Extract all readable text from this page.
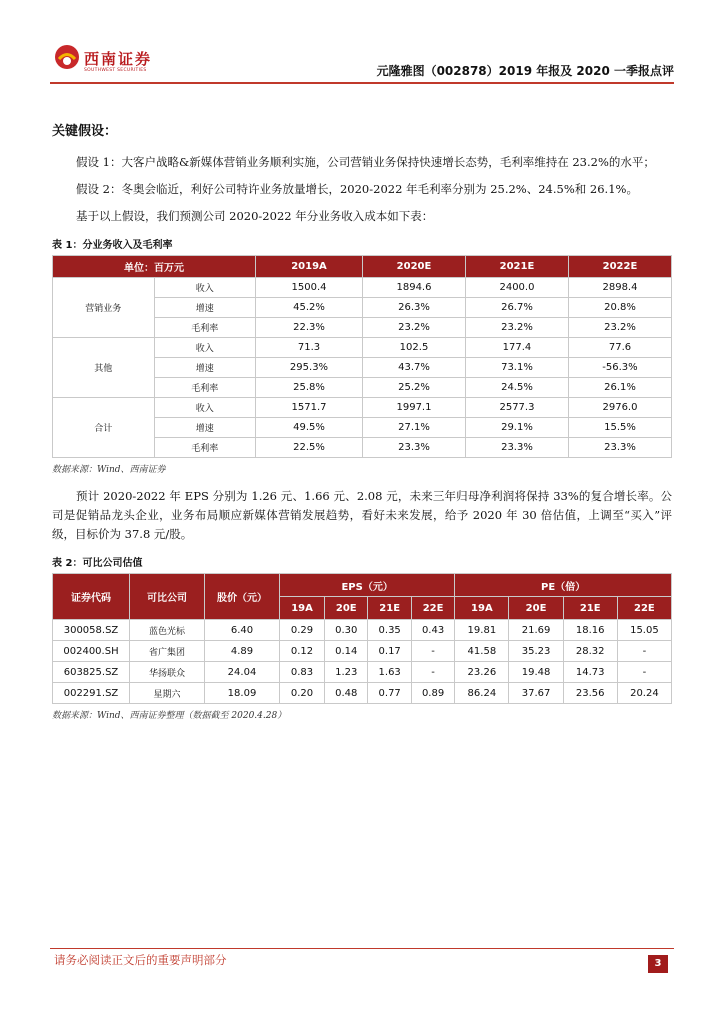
西南证券
SOUTHWEST SECURITIES	元隆雅图（002878）2019 年报及 2020 一季报点评

关键假设：

假设 1：大客户战略&新媒体营销业务顺利实施，公司营销业务保持快速增长态势，毛利率维持在 23.2%的水平；

假设 2：冬奥会临近，利好公司特许业务放量增长，2020-2022 年毛利率分别为 25.2%、24.5%和 26.1%。

基于以上假设，我们预测公司 2020-2022 年分业务收入成本如下表：

表 1：分业务收入及毛利率
单位：百万元		2019A	2020E	2021E	2022E
营销业务	收入	1500.4	1894.6	2400.0	2898.4
	增速	45.2%	26.3%	26.7%	20.8%
	毛利率	22.3%	23.2%	23.2%	23.2%
其他	收入	71.3	102.5	177.4	77.6
	增速	295.3%	43.7%	73.1%	-56.3%
	毛利率	25.8%	25.2%	24.5%	26.1%
合计	收入	1571.7	1997.1	2577.3	2976.0
	增速	49.5%	27.1%	29.1%	15.5%
	毛利率	22.5%	23.3%	23.3%	23.3%
数据来源：Wind、西南证券

预计 2020-2022 年 EPS 分别为 1.26 元、1.66 元、2.08 元，未来三年归母净利润将保持 33%的复合增长率。公司是促销品龙头企业，业务布局顺应新媒体营销发展趋势，看好未来发展，给予 2020 年 30 倍估值，上调至“买入”评级，目标价为 37.8 元/股。

表 2：可比公司估值
证券代码	可比公司	股价（元）	EPS（元）				PE（倍）			
			19A	20E	21E	22E	19A	20E	21E	22E
300058.SZ	蓝色光标	6.40	0.29	0.30	0.35	0.43	19.81	21.69	18.16	15.05
002400.SH	省广集团	4.89	0.12	0.14	0.17	-	41.58	35.23	28.32	-
603825.SZ	华扬联众	24.04	0.83	1.23	1.63	-	23.26	19.48	14.73	-
002291.SZ	星期六	18.09	0.20	0.48	0.77	0.89	86.24	37.67	23.56	20.24
数据来源：Wind、西南证券整理（数据截至 2020.4.28）
请务必阅读正文后的重要声明部分	3
